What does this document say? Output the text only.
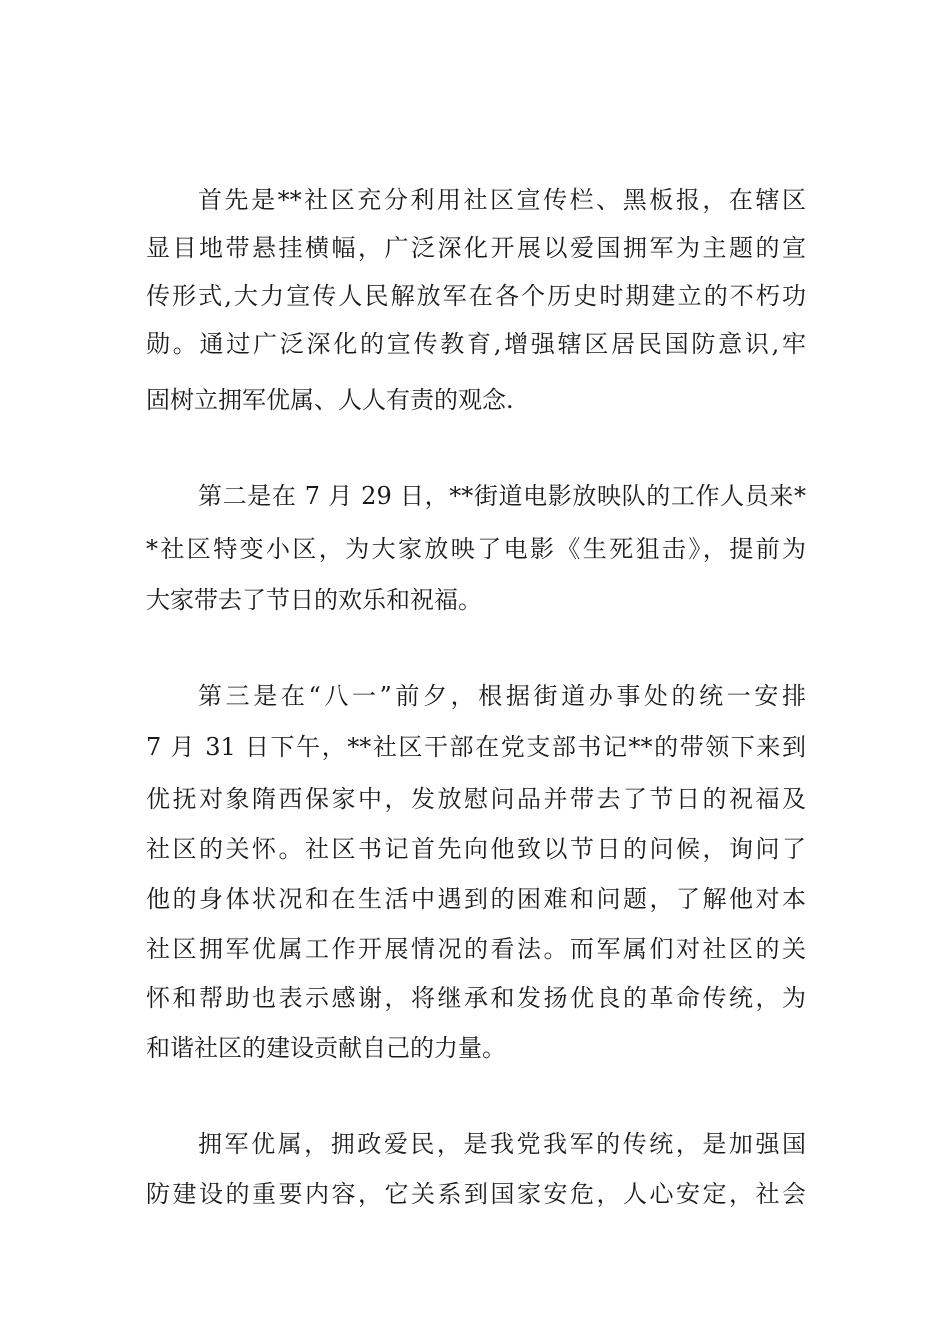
首先是**社区充分利用社区宣传栏、黑板报，在辖区
显目地带悬挂横幅，广泛深化开展以爱国拥军为主题的宣
传形式,大力宣传人民解放军在各个历史时期建立的不朽功
勋。通过广泛深化的宣传教育,增强辖区居民国防意识,牢
固树立拥军优属、人人有责的观念.
第二是在 7 月 29 日，**街道电影放映队的工作人员来*
*社区特变小区，为大家放映了电影《生死狙击》，提前为
大家带去了节日的欢乐和祝福。
第三是在“八一”前夕，根据街道办事处的统一安排
7 月 31 日下午，**社区干部在党支部书记**的带领下来到
优抚对象隋西保家中，发放慰问品并带去了节日的祝福及
社区的关怀。社区书记首先向他致以节日的问候，询问了
他的身体状况和在生活中遇到的困难和问题，了解他对本
社区拥军优属工作开展情况的看法。而军属们对社区的关
怀和帮助也表示感谢，将继承和发扬优良的革命传统，为
和谐社区的建设贡献自己的力量。
拥军优属，拥政爱民，是我党我军的传统，是加强国
防建设的重要内容，它关系到国家安危，人心安定，社会
